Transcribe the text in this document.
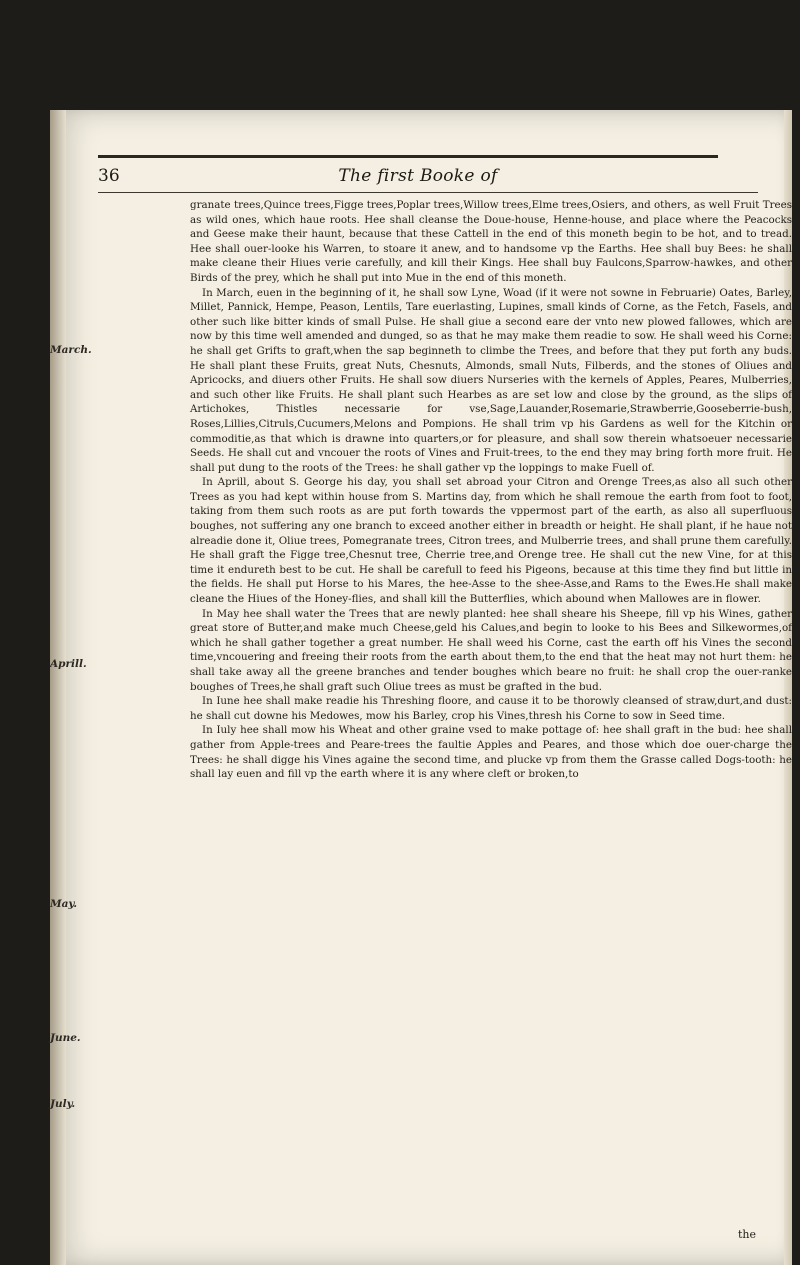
36	The first Booke of
March.
Aprill.
May.
June.
July.

granate trees,Quince trees,Figge trees,Poplar trees,Willow trees,Elme trees,Osiers, and others, as well Fruit Trees as wild ones, which haue roots. Hee shall cleanse the Doue-house, Henne-house, and place where the Peacocks and Geese make their haunt, because that these Cattell in the end of this moneth begin to be hot, and to tread. Hee shall ouer-looke his Warren, to stoare it anew, and to handsome vp the Earths. Hee shall buy Bees: he shall make cleane their Hiues verie carefully, and kill their Kings. Hee shall buy Faulcons,Sparrow-hawkes, and other Birds of the prey, which he shall put into Mue in the end of this moneth.

In March, euen in the beginning of it, he shall sow Lyne, Woad (if it were not sowne in Februarie) Oates, Barley, Millet, Pannick, Hempe, Peason, Lentils, Tare euerlasting, Lupines, small kinds of Corne, as the Fetch, Fasels, and other such like bitter kinds of small Pulse. He shall giue a second eare der vnto new plowed fallowes, which are now by this time well amended and dunged, so as that he may make them readie to sow. He shall weed his Corne: he shall get Grifts to graft,when the sap beginneth to climbe the Trees, and before that they put forth any buds. He shall plant these Fruits, great Nuts, Chesnuts, Almonds, small Nuts, Filberds, and the stones of Oliues and Apricocks, and diuers other Fruits. He shall sow diuers Nurseries with the kernels of Apples, Peares, Mulberries, and such other like Fruits. He shall plant such Hearbes as are set low and close by the ground, as the slips of Artichokes, Thistles necessarie for vse,Sage,Lauander,Rosemarie,Strawberrie,Gooseberrie-bush, Roses,Lillies,Citruls,Cucumers,Melons and Pompions. He shall trim vp his Gardens as well for the Kitchin or commoditie,as that which is drawne into quarters,or for pleasure, and shall sow therein whatsoeuer necessarie Seeds. He shall cut and vncouer the roots of Vines and Fruit-trees, to the end they may bring forth more fruit. He shall put dung to the roots of the Trees: he shall gather vp the loppings to make Fuell of.

In Aprill, about S. George his day, you shall set abroad your Citron and Orenge Trees,as also all such other Trees as you had kept within house from S. Martins day, from which he shall remoue the earth from foot to foot, taking from them such roots as are put forth towards the vppermost part of the earth, as also all superfluous boughes, not suffering any one branch to exceed another either in breadth or height. He shall plant, if he haue not alreadie done it, Oliue trees, Pomegranate trees, Citron trees, and Mulberrie trees, and shall prune them carefully. He shall graft the Figge tree,Chesnut tree, Cherrie tree,and Orenge tree. He shall cut the new Vine, for at this time it endureth best to be cut. He shall be carefull to feed his Pigeons, because at this time they find but little in the fields. He shall put Horse to his Mares, the hee-Asse to the shee-Asse,and Rams to the Ewes.He shall make cleane the Hiues of the Honey-flies, and shall kill the Butterflies, which abound when Mallowes are in flower.

In May hee shall water the Trees that are newly planted: hee shall sheare his Sheepe, fill vp his Wines, gather great store of Butter,and make much Cheese,geld his Calues,and begin to looke to his Bees and Silkewormes,of which he shall gather together a great number. He shall weed his Corne, cast the earth off his Vines the second time,vncouering and freeing their roots from the earth about them,to the end that the heat may not hurt them: he shall take away all the greene branches and tender boughes which beare no fruit: he shall crop the ouer-ranke boughes of Trees,he shall graft such Oliue trees as must be grafted in the bud.

In Iune hee shall make readie his Threshing floore, and cause it to be thorowly cleansed of straw,durt,and dust: he shall cut downe his Medowes, mow his Barley, crop his Vines,thresh his Corne to sow in Seed time.

In Iuly hee shall mow his Wheat and other graine vsed to make pottage of: hee shall graft in the bud: hee shall gather from Apple-trees and Peare-trees the faultie Apples and Peares, and those which doe ouer-charge the Trees: he shall digge his Vines againe the second time, and plucke vp from them the Grasse called Dogs-tooth: he shall lay euen and fill vp the earth where it is any where cleft or broken,to

the
